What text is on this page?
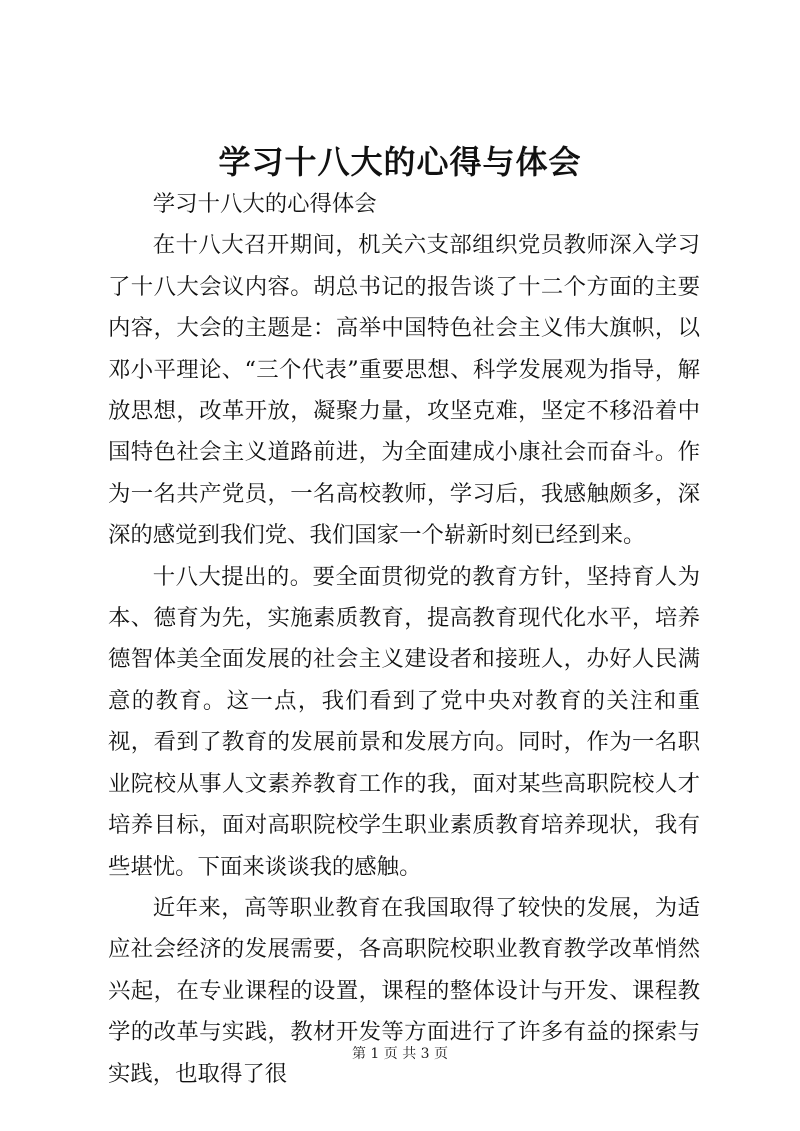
学习十八大的心得与体会

学习十八大的心得体会

在十八大召开期间，机关六支部组织党员教师深入学习了十八大会议内容。胡总书记的报告谈了十二个方面的主要内容，大会的主题是：高举中国特色社会主义伟大旗帜，以邓小平理论、“三个代表”重要思想、科学发展观为指导，解放思想，改革开放，凝聚力量，攻坚克难，坚定不移沿着中国特色社会主义道路前进，为全面建成小康社会而奋斗。作为一名共产党员，一名高校教师，学习后，我感触颇多，深深的感觉到我们党、我们国家一个崭新时刻已经到来。

十八大提出的。要全面贯彻党的教育方针，坚持育人为本、德育为先，实施素质教育，提高教育现代化水平，培养德智体美全面发展的社会主义建设者和接班人，办好人民满意的教育。这一点，我们看到了党中央对教育的关注和重视，看到了教育的发展前景和发展方向。同时，作为一名职业院校从事人文素养教育工作的我，面对某些高职院校人才培养目标，面对高职院校学生职业素质教育培养现状，我有些堪忧。下面来谈谈我的感触。

近年来，高等职业教育在我国取得了较快的发展，为适应社会经济的发展需要，各高职院校职业教育教学改革悄然兴起，在专业课程的设置，课程的整体设计与开发、课程教学的改革与实践，教材开发等方面进行了许多有益的探索与实践，也取得了很

第 1 页 共 3 页
